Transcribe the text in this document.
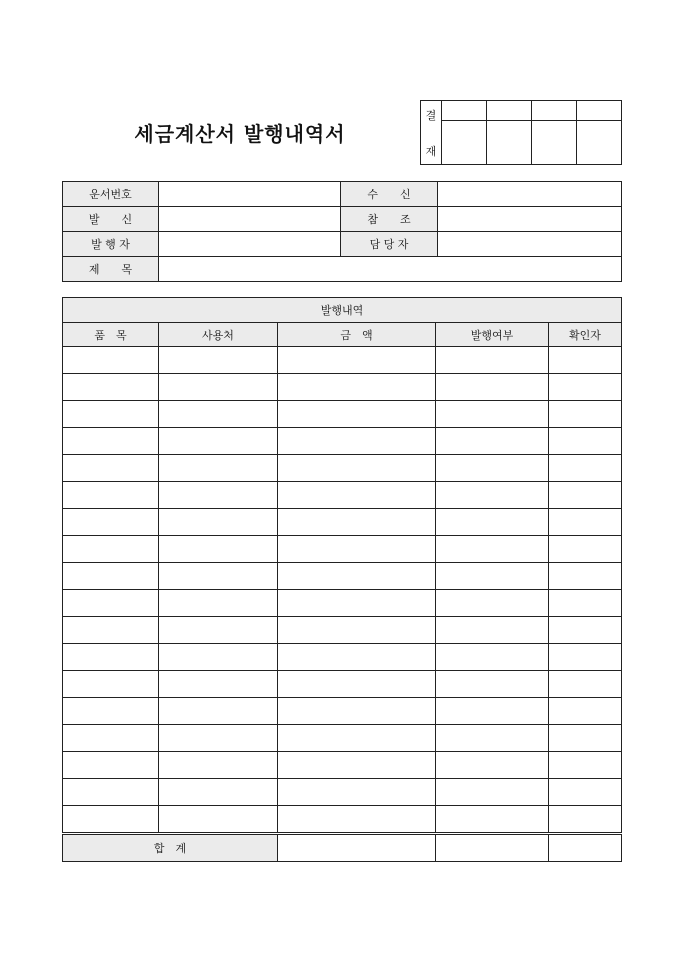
세금계산서 발행내역서
결
재				

운서번호		수　　신	
발　　신		참　　조	
발 행 자		담 당 자	
제　　목			
발행내역				
품　목	사용처	금　액	발행여부	확인자

합　계				
